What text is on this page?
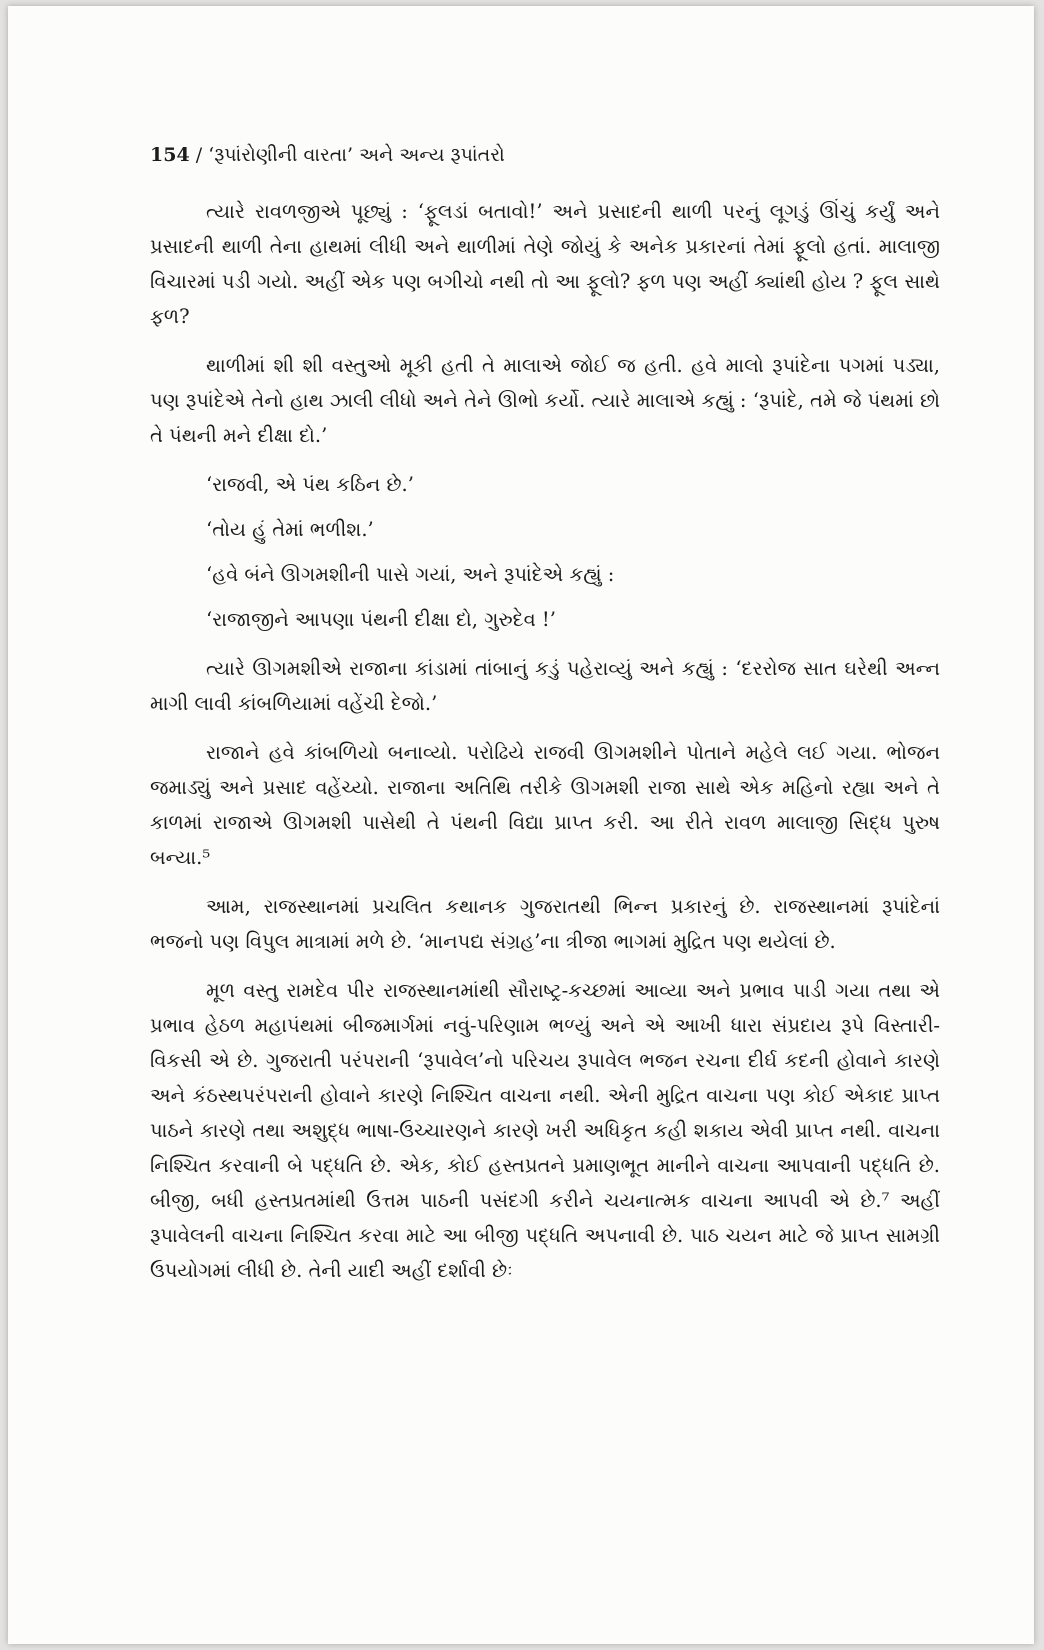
154 / ‘રૂપાંરોણીની વારતા’ અને અન્ય રૂપાંતરો

ત્યારે રાવળજીએ પૂછ્યું : ‘ફૂલડાં બતાવો!’ અને પ્રસાદની થાળી પરનું લૂગડું ઊંચું કર્યું અને પ્રસાદની થાળી તેના હાથમાં લીધી અને થાળીમાં તેણે જોયું કે અનેક પ્રકારનાં તેમાં ફૂલો હતાં. માલાજી વિચારમાં પડી ગયો. અહીં એક પણ બગીચો નથી તો આ ફૂલો? ફળ પણ અહીં ક્યાંથી હોય ? ફૂલ સાથે ફળ?

થાળીમાં શી શી વસ્તુઓ મૂકી હતી તે માલાએ જોઈ જ હતી. હવે માલો રૂપાંદેના પગમાં પડ્યા, પણ રૂપાંદેએ તેનો હાથ ઝાલી લીધો અને તેને ઊભો કર્યો. ત્યારે માલાએ કહ્યું : ‘રૂપાંદે, તમે જે પંથમાં છો તે પંથની મને દીક્ષા દો.’

‘રાજવી, એ પંથ કઠિન છે.’

‘તોય હું તેમાં ભળીશ.’

‘હવે બંને ઊગમશીની પાસે ગયાં, અને રૂપાંદેએ કહ્યું :

‘રાજાજીને આપણા પંથની દીક્ષા દો, ગુરુદેવ !’

ત્યારે ઊગમશીએ રાજાના કાંડામાં તાંબાનું કડું પહેરાવ્યું અને કહ્યું : ‘દરરોજ સાત ઘરેથી અન્ન માગી લાવી કાંબળિયામાં વહેંચી દેજો.’

રાજાને હવે કાંબળિયો બનાવ્યો. પરોઢિયે રાજવી ઊગમશીને પોતાને મહેલે લઈ ગયા. ભોજન જમાડ્યું અને પ્રસાદ વહેંચ્યો. રાજાના અતિથિ તરીકે ઊગમશી રાજા સાથે એક મહિનો રહ્યા અને તે કાળમાં રાજાએ ઊગમશી પાસેથી તે પંથની વિદ્યા પ્રાપ્ત કરી. આ રીતે રાવળ માલાજી સિદ્ધ પુરુષ બન્યા.⁵

આમ, રાજસ્થાનમાં પ્રચલિત કથાનક ગુજરાતથી ભિન્ન પ્રકારનું છે. રાજસ્થાનમાં રૂપાંદેનાં ભજનો પણ વિપુલ માત્રામાં મળે છે. ‘માનપદ્ય સંગ્રહ’ના ત્રીજા ભાગમાં મુદ્રિત પણ થયેલાં છે.

મૂળ વસ્તુ રામદેવ પીર રાજસ્થાનમાંથી સૌરાષ્ટ્ર-કચ્છમાં આવ્યા અને પ્રભાવ પાડી ગયા તથા એ પ્રભાવ હેઠળ મહાપંથમાં બીજમાર્ગમાં નવું-પરિણામ ભળ્યું અને એ આખી ધારા સંપ્રદાય રૂપે વિસ્તારી-વિકસી એ છે. ગુજરાતી પરંપરાની ‘રૂપાવેલ’નો પરિચય રૂપાવેલ ભજન રચના દીર્ઘ કદની હોવાને કારણે અને કંઠસ્થપરંપરાની હોવાને કારણે નિશ્ચિત વાચના નથી. એની મુદ્રિત વાચના પણ કોઈ એકાદ પ્રાપ્ત પાઠને કારણે તથા અશુદ્ધ ભાષા-ઉચ્ચારણને કારણે ખરી અધિકૃત કહી શકાય એવી પ્રાપ્ત નથી. વાચના નિશ્ચિત કરવાની બે પદ્ધતિ છે. એક, કોઈ હસ્તપ્રતને પ્રમાણભૂત માનીને વાચના આપવાની પદ્ધતિ છે. બીજી, બધી હસ્તપ્રતમાંથી ઉત્તમ પાઠની પસંદગી કરીને ચયનાત્મક વાચના આપવી એ છે.⁷ અહીં રૂપાવેલની વાચના નિશ્ચિત કરવા માટે આ બીજી પદ્ધતિ અપનાવી છે. પાઠ ચયન માટે જે પ્રાપ્ત સામગ્રી ઉપયોગમાં લીધી છે. તેની યાદી અહીં દર્શાવી છેઃ
